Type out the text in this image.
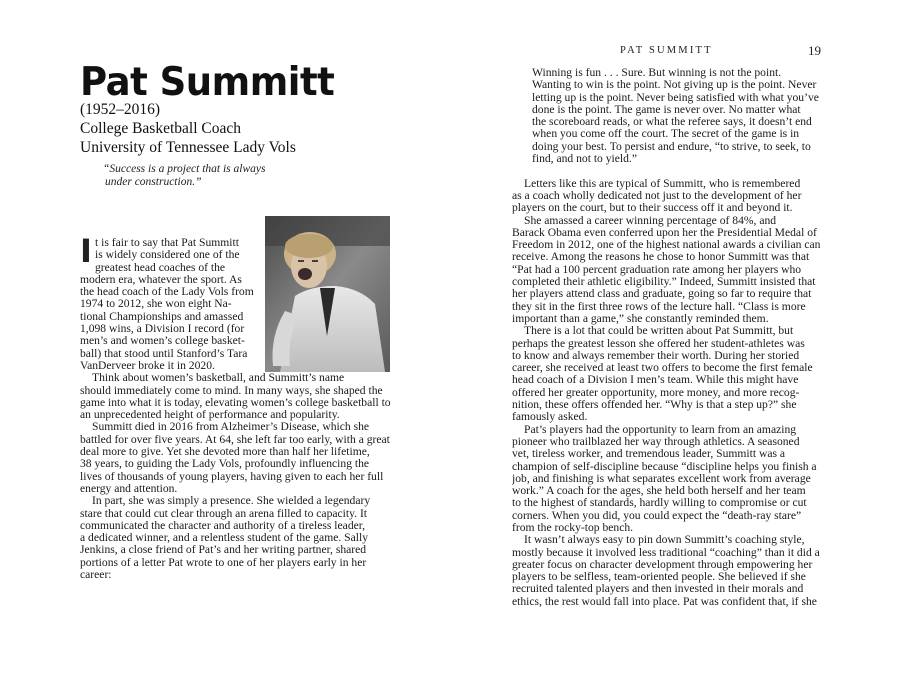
Pat Summitt
(1952–2016)
College Basketball Coach
University of Tennessee Lady Vols
“Success is a project that is always
under construction.”
I t is fair to say that Pat Summitt
is widely considered one of the
greatest head coaches of the
modern era, whatever the sport. As
the head coach of the Lady Vols from
1974 to 2012, she won eight Na-
tional Championships and amassed
1,098 wins, a Division I record (for
men’s and women’s college basket-
ball) that stood until Stanford’s Tara
VanDerveer broke it in 2020.
Think about women’s basketball, and Summitt’s name
should immediately come to mind. In many ways, she shaped the
game into what it is today, elevating women’s college basketball to
an unprecedented height of performance and popularity.
Summitt died in 2016 from Alzheimer’s Disease, which she
battled for over five years. At 64, she left far too early, with a great
deal more to give. Yet she devoted more than half her lifetime,
38 years, to guiding the Lady Vols, profoundly influencing the
lives of thousands of young players, having given to each her full
energy and attention.
In part, she was simply a presence. She wielded a legendary
stare that could cut clear through an arena filled to capacity. It
communicated the character and authority of a tireless leader,
a dedicated winner, and a relentless student of the game. Sally
Jenkins, a close friend of Pat’s and her writing partner, shared
portions of a letter Pat wrote to one of her players early in her
career:
PAT SUMMITT	19
Winning is fun . . . Sure. But winning is not the point.
Wanting to win is the point. Not giving up is the point. Never
letting up is the point. Never being satisfied with what you’ve
done is the point. The game is never over. No matter what
the scoreboard reads, or what the referee says, it doesn’t end
when you come off the court. The secret of the game is in
doing your best. To persist and endure, “to strive, to seek, to
find, and not to yield.”
Letters like this are typical of Summitt, who is remembered
as a coach wholly dedicated not just to the development of her
players on the court, but to their success off it and beyond it.
She amassed a career winning percentage of 84%, and
Barack Obama even conferred upon her the Presidential Medal of
Freedom in 2012, one of the highest national awards a civilian can
receive. Among the reasons he chose to honor Summitt was that
“Pat had a 100 percent graduation rate among her players who
completed their athletic eligibility.” Indeed, Summitt insisted that
her players attend class and graduate, going so far to require that
they sit in the first three rows of the lecture hall. “Class is more
important than a game,” she constantly reminded them.
There is a lot that could be written about Pat Summitt, but
perhaps the greatest lesson she offered her student-athletes was
to know and always remember their worth. During her storied
career, she received at least two offers to become the first female
head coach of a Division I men’s team. While this might have
offered her greater opportunity, more money, and more recog-
nition, these offers offended her. “Why is that a step up?” she
famously asked.
Pat’s players had the opportunity to learn from an amazing
pioneer who trailblazed her way through athletics. A seasoned
vet, tireless worker, and tremendous leader, Summitt was a
champion of self-discipline because “discipline helps you finish a
job, and finishing is what separates excellent work from average
work.” A coach for the ages, she held both herself and her team
to the highest of standards, hardly willing to compromise or cut
corners. When you did, you could expect the “death-ray stare”
from the rocky-top bench.
It wasn’t always easy to pin down Summitt’s coaching style,
mostly because it involved less traditional “coaching” than it did a
greater focus on character development through empowering her
players to be selfless, team-oriented people. She believed if she
recruited talented players and then invested in their morals and
ethics, the rest would fall into place. Pat was confident that, if she
